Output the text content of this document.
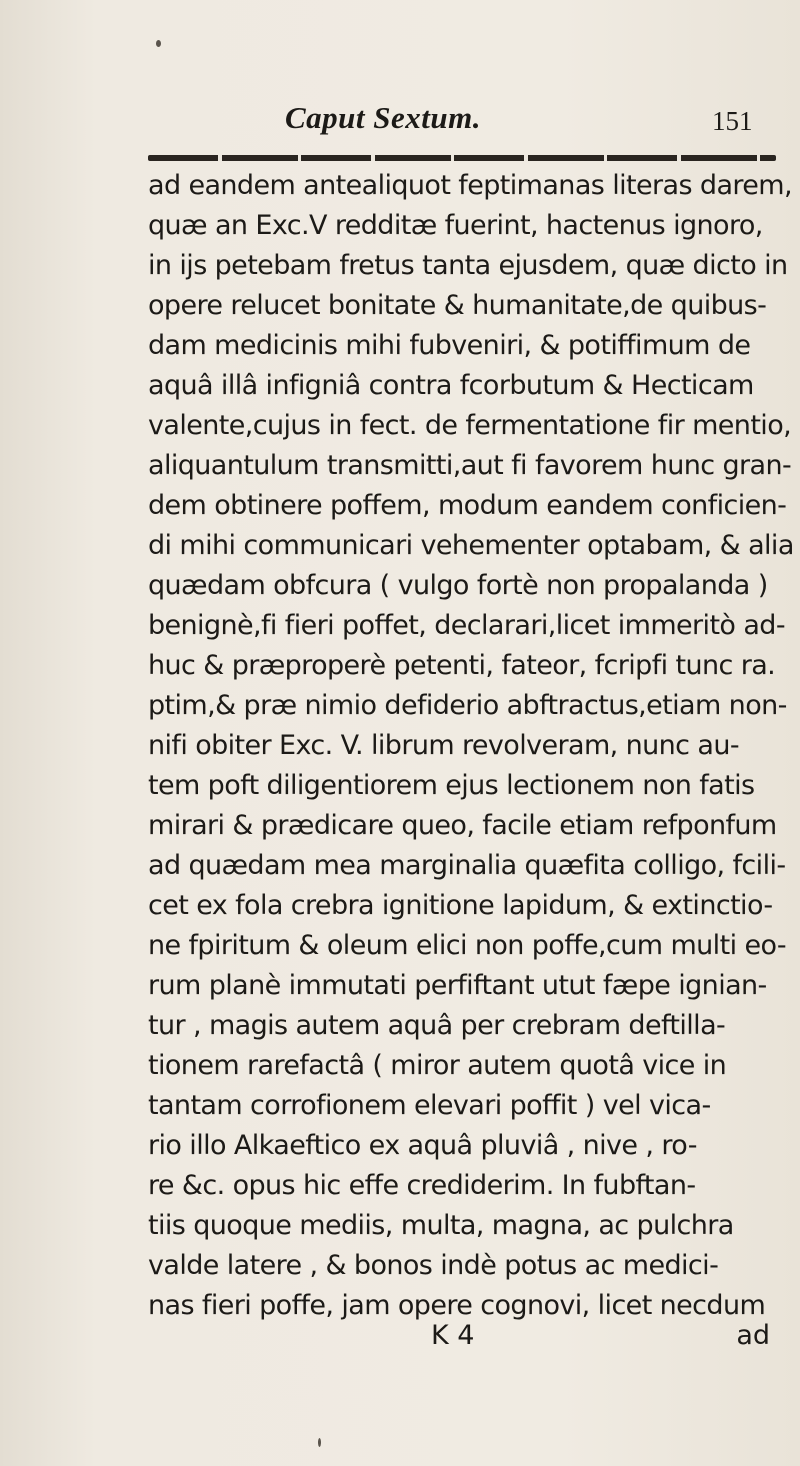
Caput Sextum.	151
ad eandem antealiquot feptimanas literas darem,
quæ an Exc.V redditæ fuerint, hactenus ignoro,
in ijs petebam fretus tanta ejusdem, quæ dicto in
opere relucet bonitate & humanitate,de quibus-
dam medicinis mihi fubveniri, & potiffimum de
aquâ illâ infigniâ contra fcorbutum & Hecticam
valente,cujus in fect. de fermentatione fir mentio,
aliquantulum transmitti,aut fi favorem hunc gran-
dem obtinere poffem, modum eandem conficien-
di mihi communicari vehementer optabam, & alia
quædam obfcura ( vulgo fortè non propalanda )
benignè,fi fieri poffet, declarari,licet immeritò ad-
huc & præproperè petenti, fateor, fcripfi tunc ra.
ptim,& præ nimio defiderio abftractus,etiam non-
nifi obiter Exc. V. librum revolveram, nunc au-
tem poft diligentiorem ejus lectionem non fatis
mirari & prædicare queo, facile etiam refponfum
ad quædam mea marginalia quæfita colligo, fcili-
cet ex fola crebra ignitione lapidum, & extinctio-
ne fpiritum & oleum elici non poffe,cum multi eo-
rum planè immutati perfiftant utut fæpe ignian-
tur , magis autem aquâ per crebram deftilla-
tionem rarefactâ ( miror autem quotâ vice in
tantam corrofionem elevari poffit ) vel vica-
rio illo Alkaeftico ex aquâ pluviâ , nive , ro-
re &c. opus hic effe crediderim. In fubftan-
tiis quoque mediis, multa, magna, ac pulchra
valde latere , & bonos indè potus ac medici-
nas fieri poffe, jam opere cognovi, licet necdum
K 4	ad
